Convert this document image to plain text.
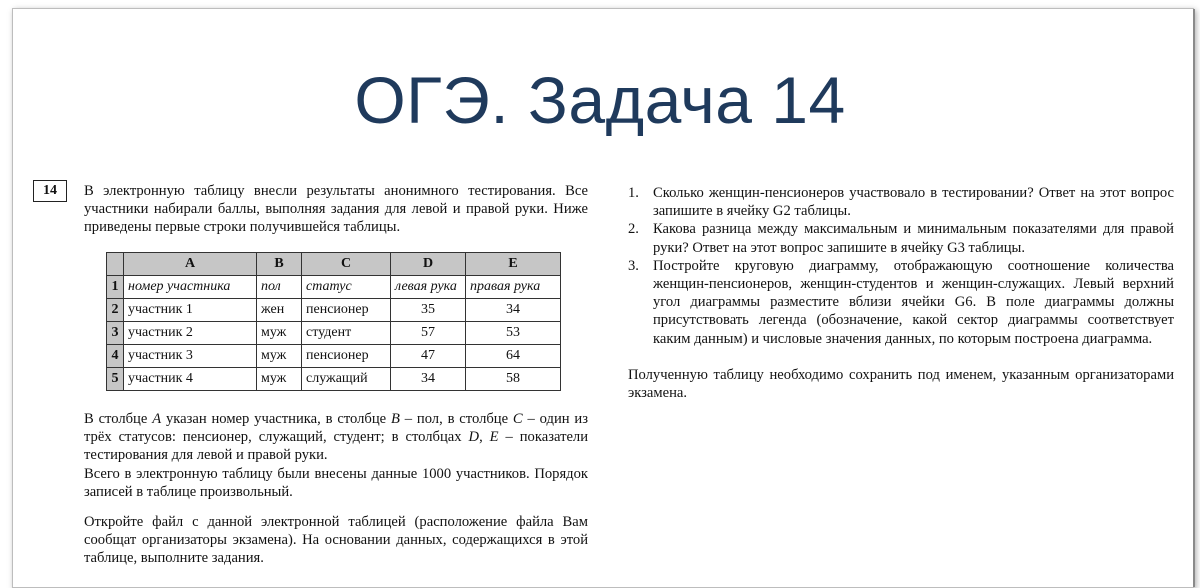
ОГЭ. Задача 14
14	В электронную таблицу внесли результаты анонимного тестирования. Все участники набирали баллы, выполняя задания для левой и правой руки. Ниже приведены первые строки получившейся таблицы.

	A	B	C	D	E
1	номер участника	пол	статус	левая рука	правая рука
2	участник 1	жен	пенсионер	35	34
3	участник 2	муж	студент	57	53
4	участник 3	муж	пенсионер	47	64
5	участник 4	муж	служащий	34	58

В столбце A указан номер участника, в столбце B – пол, в столбце C – один из трёх статусов: пенсионер, служащий, студент; в столбцах D, E – показатели тестирования для левой и правой руки.

Всего в электронную таблицу были внесены данные 1000 участников. Порядок записей в таблице произвольный.

Откройте файл с данной электронной таблицей (расположение файла Вам сообщат организаторы экзамена). На основании данных, содержащихся в этой таблице, выполните задания.

1. Сколько женщин-пенсионеров участвовало в тестировании? Ответ на этот вопрос запишите в ячейку G2 таблицы.
2. Какова разница между максимальным и минимальным показателями для правой руки? Ответ на этот вопрос запишите в ячейку G3 таблицы.
3. Постройте круговую диаграмму, отображающую соотношение количества женщин-пенсионеров, женщин-студентов и женщин-служащих. Левый верхний угол диаграммы разместите вблизи ячейки G6. В поле диаграммы должны присутствовать легенда (обозначение, какой сектор диаграммы соответствует каким данным) и числовые значения данных, по которым построена диаграмма.

Полученную таблицу необходимо сохранить под именем, указанным организаторами экзамена.
